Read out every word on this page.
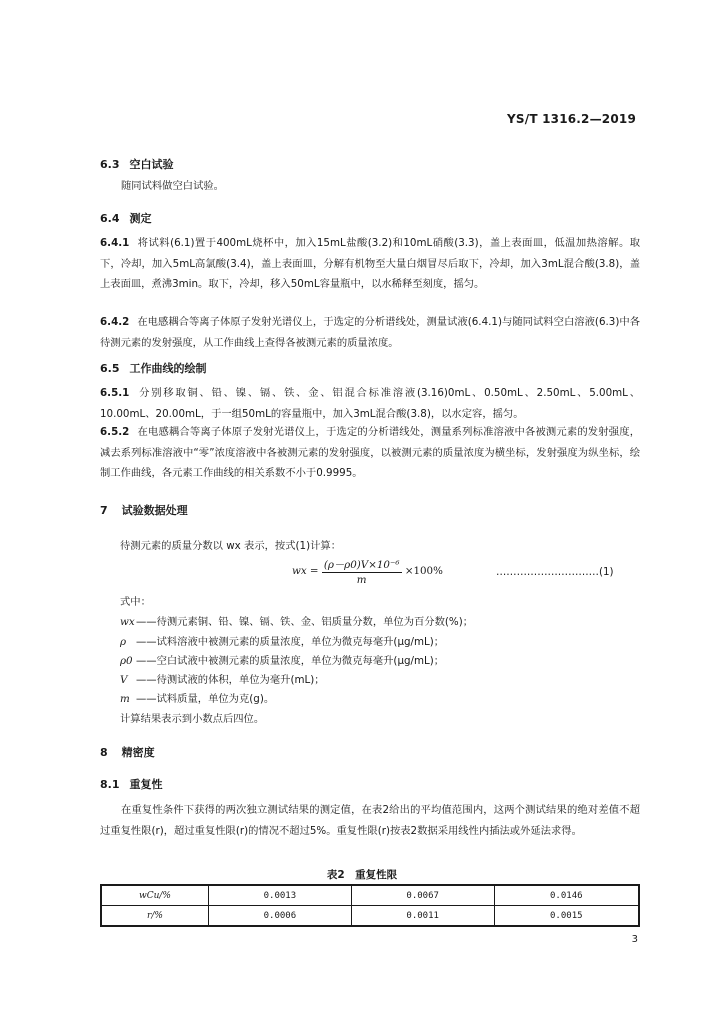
YS/T 1316.2—2019
6.3 空白试验
随同试料做空白试验。
6.4 测定
6.4.1 将试料(6.1)置于400mL烧杯中，加入15mL盐酸(3.2)和10mL硝酸(3.3)，盖上表面皿，低温加热溶解。取下，冷却，加入5mL高氯酸(3.4)，盖上表面皿，分解有机物至大量白烟冒尽后取下，冷却，加入3mL混合酸(3.8)，盖上表面皿，煮沸3min。取下，冷却，移入50mL容量瓶中，以水稀释至刻度，摇匀。
6.4.2 在电感耦合等离子体原子发射光谱仪上，于选定的分析谱线处，测量试液(6.4.1)与随同试料空白溶液(6.3)中各待测元素的发射强度，从工作曲线上查得各被测元素的质量浓度。
6.5 工作曲线的绘制
6.5.1 分别移取铜、铅、镍、镉、铁、金、铝混合标准溶液(3.16)0mL、0.50mL、2.50mL、5.00mL、10.00mL、20.00mL，于一组50mL的容量瓶中，加入3mL混合酸(3.8)，以水定容，摇匀。
6.5.2 在电感耦合等离子体原子发射光谱仪上，于选定的分析谱线处，测量系列标准溶液中各被测元素的发射强度，减去系列标准溶液中“零”浓度溶液中各被测元素的发射强度，以被测元素的质量浓度为横坐标，发射强度为纵坐标，绘制工作曲线，各元素工作曲线的相关系数不小于0.9995。
7 试验数据处理
待测元素的质量分数以 wx 表示，按式(1)计算：
wx = $\frac{\text{(ρ－ρ0)V×10⁻⁶}}{m} \times 100\%$	…………………………(1)
式中：
wx——待测元素铜、铅、镍、镉、铁、金、铝质量分数，单位为百分数(%)；
ρ ——试料溶液中被测元素的质量浓度，单位为微克每毫升(μg/mL)；
ρ0 ——空白试液中被测元素的质量浓度，单位为微克每毫升(μg/mL)；
V ——待测试液的体积，单位为毫升(mL)；
m ——试料质量，单位为克(g)。
计算结果表示到小数点后四位。
8 精密度
8.1 重复性
在重复性条件下获得的两次独立测试结果的测定值，在表2给出的平均值范围内，这两个测试结果的绝对差值不超过重复性限(r)，超过重复性限(r)的情况不超过5%。重复性限(r)按表2数据采用线性内插法或外延法求得。
表2　重复性限
wCu/%	0.0013	0.0067	0.0146
r/%	0.0006	0.0011	0.0015
3
